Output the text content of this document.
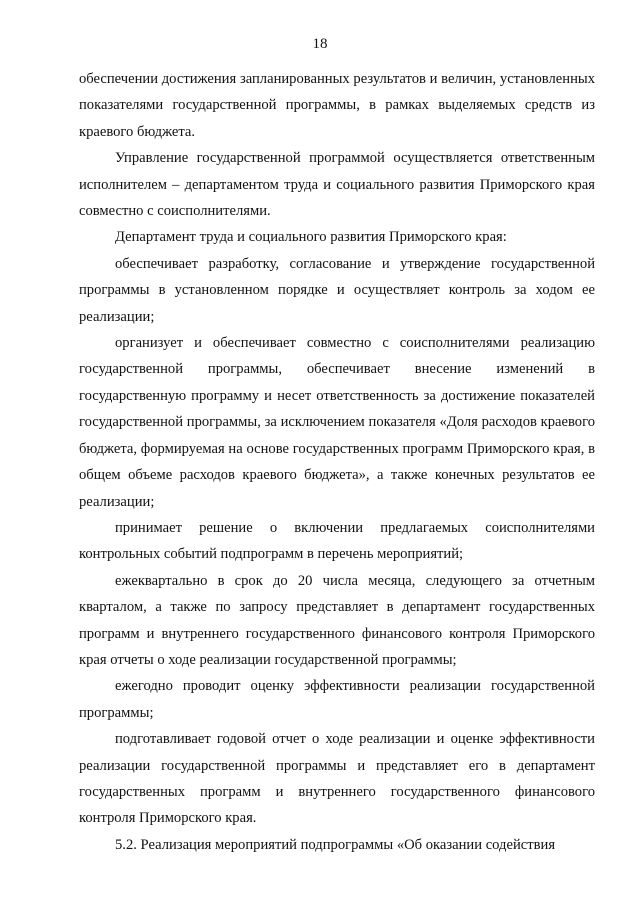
18

обеспечении достижения запланированных результатов и величин, установленных показателями государственной программы, в рамках выделяемых средств из краевого бюджета.

Управление государственной программой осуществляется ответственным исполнителем – департаментом труда и социального развития Приморского края совместно с соисполнителями.

Департамент труда и социального развития Приморского края:

обеспечивает разработку, согласование и утверждение государственной программы в установленном порядке и осуществляет контроль за ходом ее реализации;

организует и обеспечивает совместно с соисполнителями реализацию государственной программы, обеспечивает внесение изменений в государственную программу и несет ответственность за достижение показателей государственной программы, за исключением показателя «Доля расходов краевого бюджета, формируемая на основе государственных программ Приморского края, в общем объеме расходов краевого бюджета», а также конечных результатов ее реализации;

принимает решение о включении предлагаемых соисполнителями контрольных событий подпрограмм в перечень мероприятий;

ежеквартально в срок до 20 числа месяца, следующего за отчетным кварталом, а также по запросу представляет в департамент государственных программ и внутреннего государственного финансового контроля Приморского края отчеты о ходе реализации государственной программы;

ежегодно проводит оценку эффективности реализации государственной программы;

подготавливает годовой отчет о ходе реализации и оценке эффективности реализации государственной программы и представляет его в департамент государственных программ и внутреннего государственного финансового контроля Приморского края.

5.2. Реализация мероприятий подпрограммы «Об оказании содействия
